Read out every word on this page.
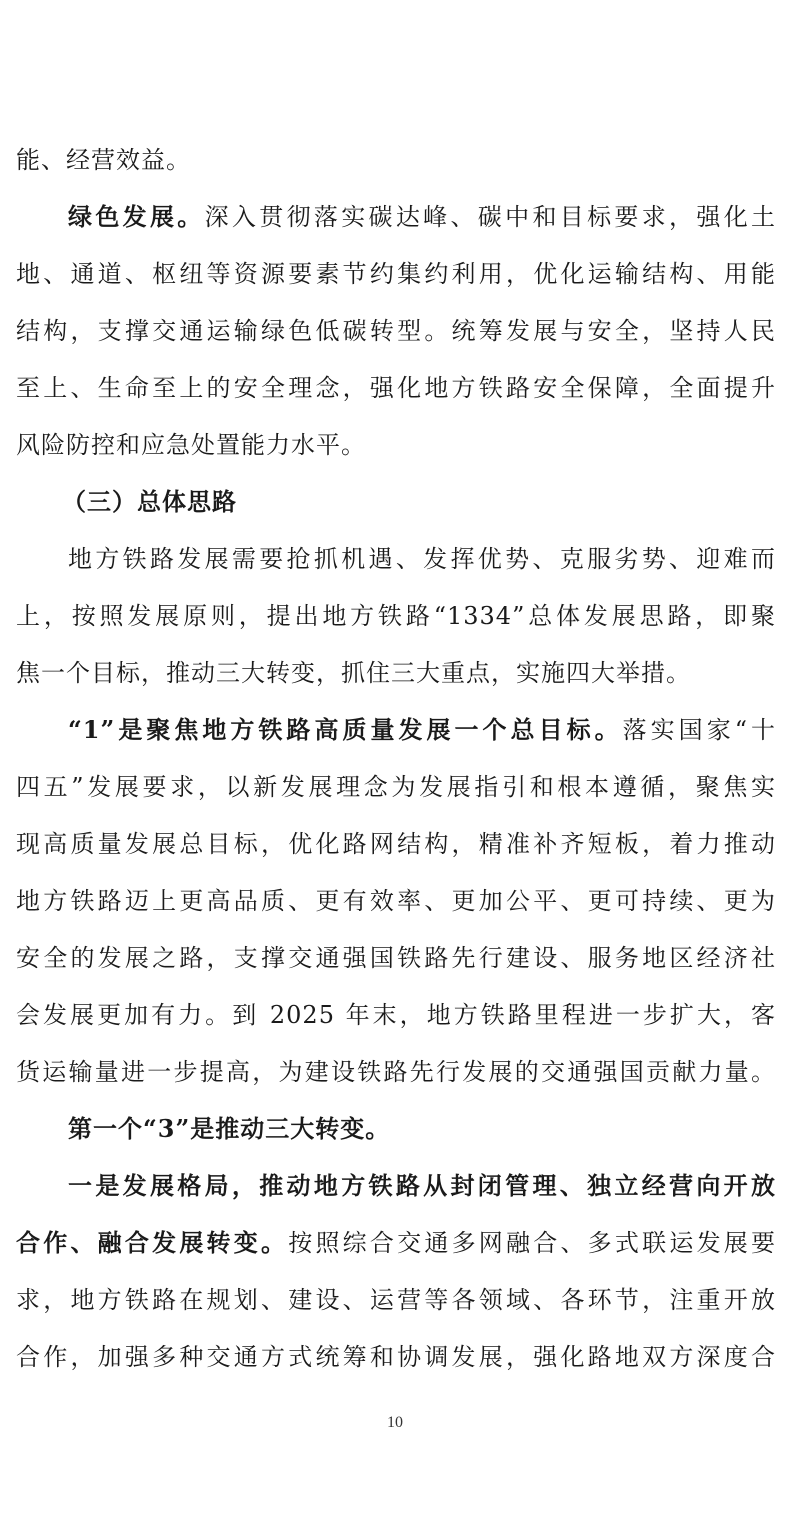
能、经营效益。
绿色发展。深入贯彻落实碳达峰、碳中和目标要求，强化土
地、通道、枢纽等资源要素节约集约利用，优化运输结构、用能
结构，支撑交通运输绿色低碳转型。统筹发展与安全，坚持人民
至上、生命至上的安全理念，强化地方铁路安全保障，全面提升
风险防控和应急处置能力水平。
（三）总体思路
地方铁路发展需要抢抓机遇、发挥优势、克服劣势、迎难而
上，按照发展原则，提出地方铁路“1334”总体发展思路，即聚
焦一个目标，推动三大转变，抓住三大重点，实施四大举措。
“1”是聚焦地方铁路高质量发展一个总目标。落实国家“十
四五”发展要求，以新发展理念为发展指引和根本遵循，聚焦实
现高质量发展总目标，优化路网结构，精准补齐短板，着力推动
地方铁路迈上更高品质、更有效率、更加公平、更可持续、更为
安全的发展之路，支撑交通强国铁路先行建设、服务地区经济社
会发展更加有力。到 2025 年末，地方铁路里程进一步扩大，客
货运输量进一步提高，为建设铁路先行发展的交通强国贡献力量。
第一个“3”是推动三大转变。
一是发展格局，推动地方铁路从封闭管理、独立经营向开放
合作、融合发展转变。按照综合交通多网融合、多式联运发展要
求，地方铁路在规划、建设、运营等各领域、各环节，注重开放
合作，加强多种交通方式统筹和协调发展，强化路地双方深度合
10
